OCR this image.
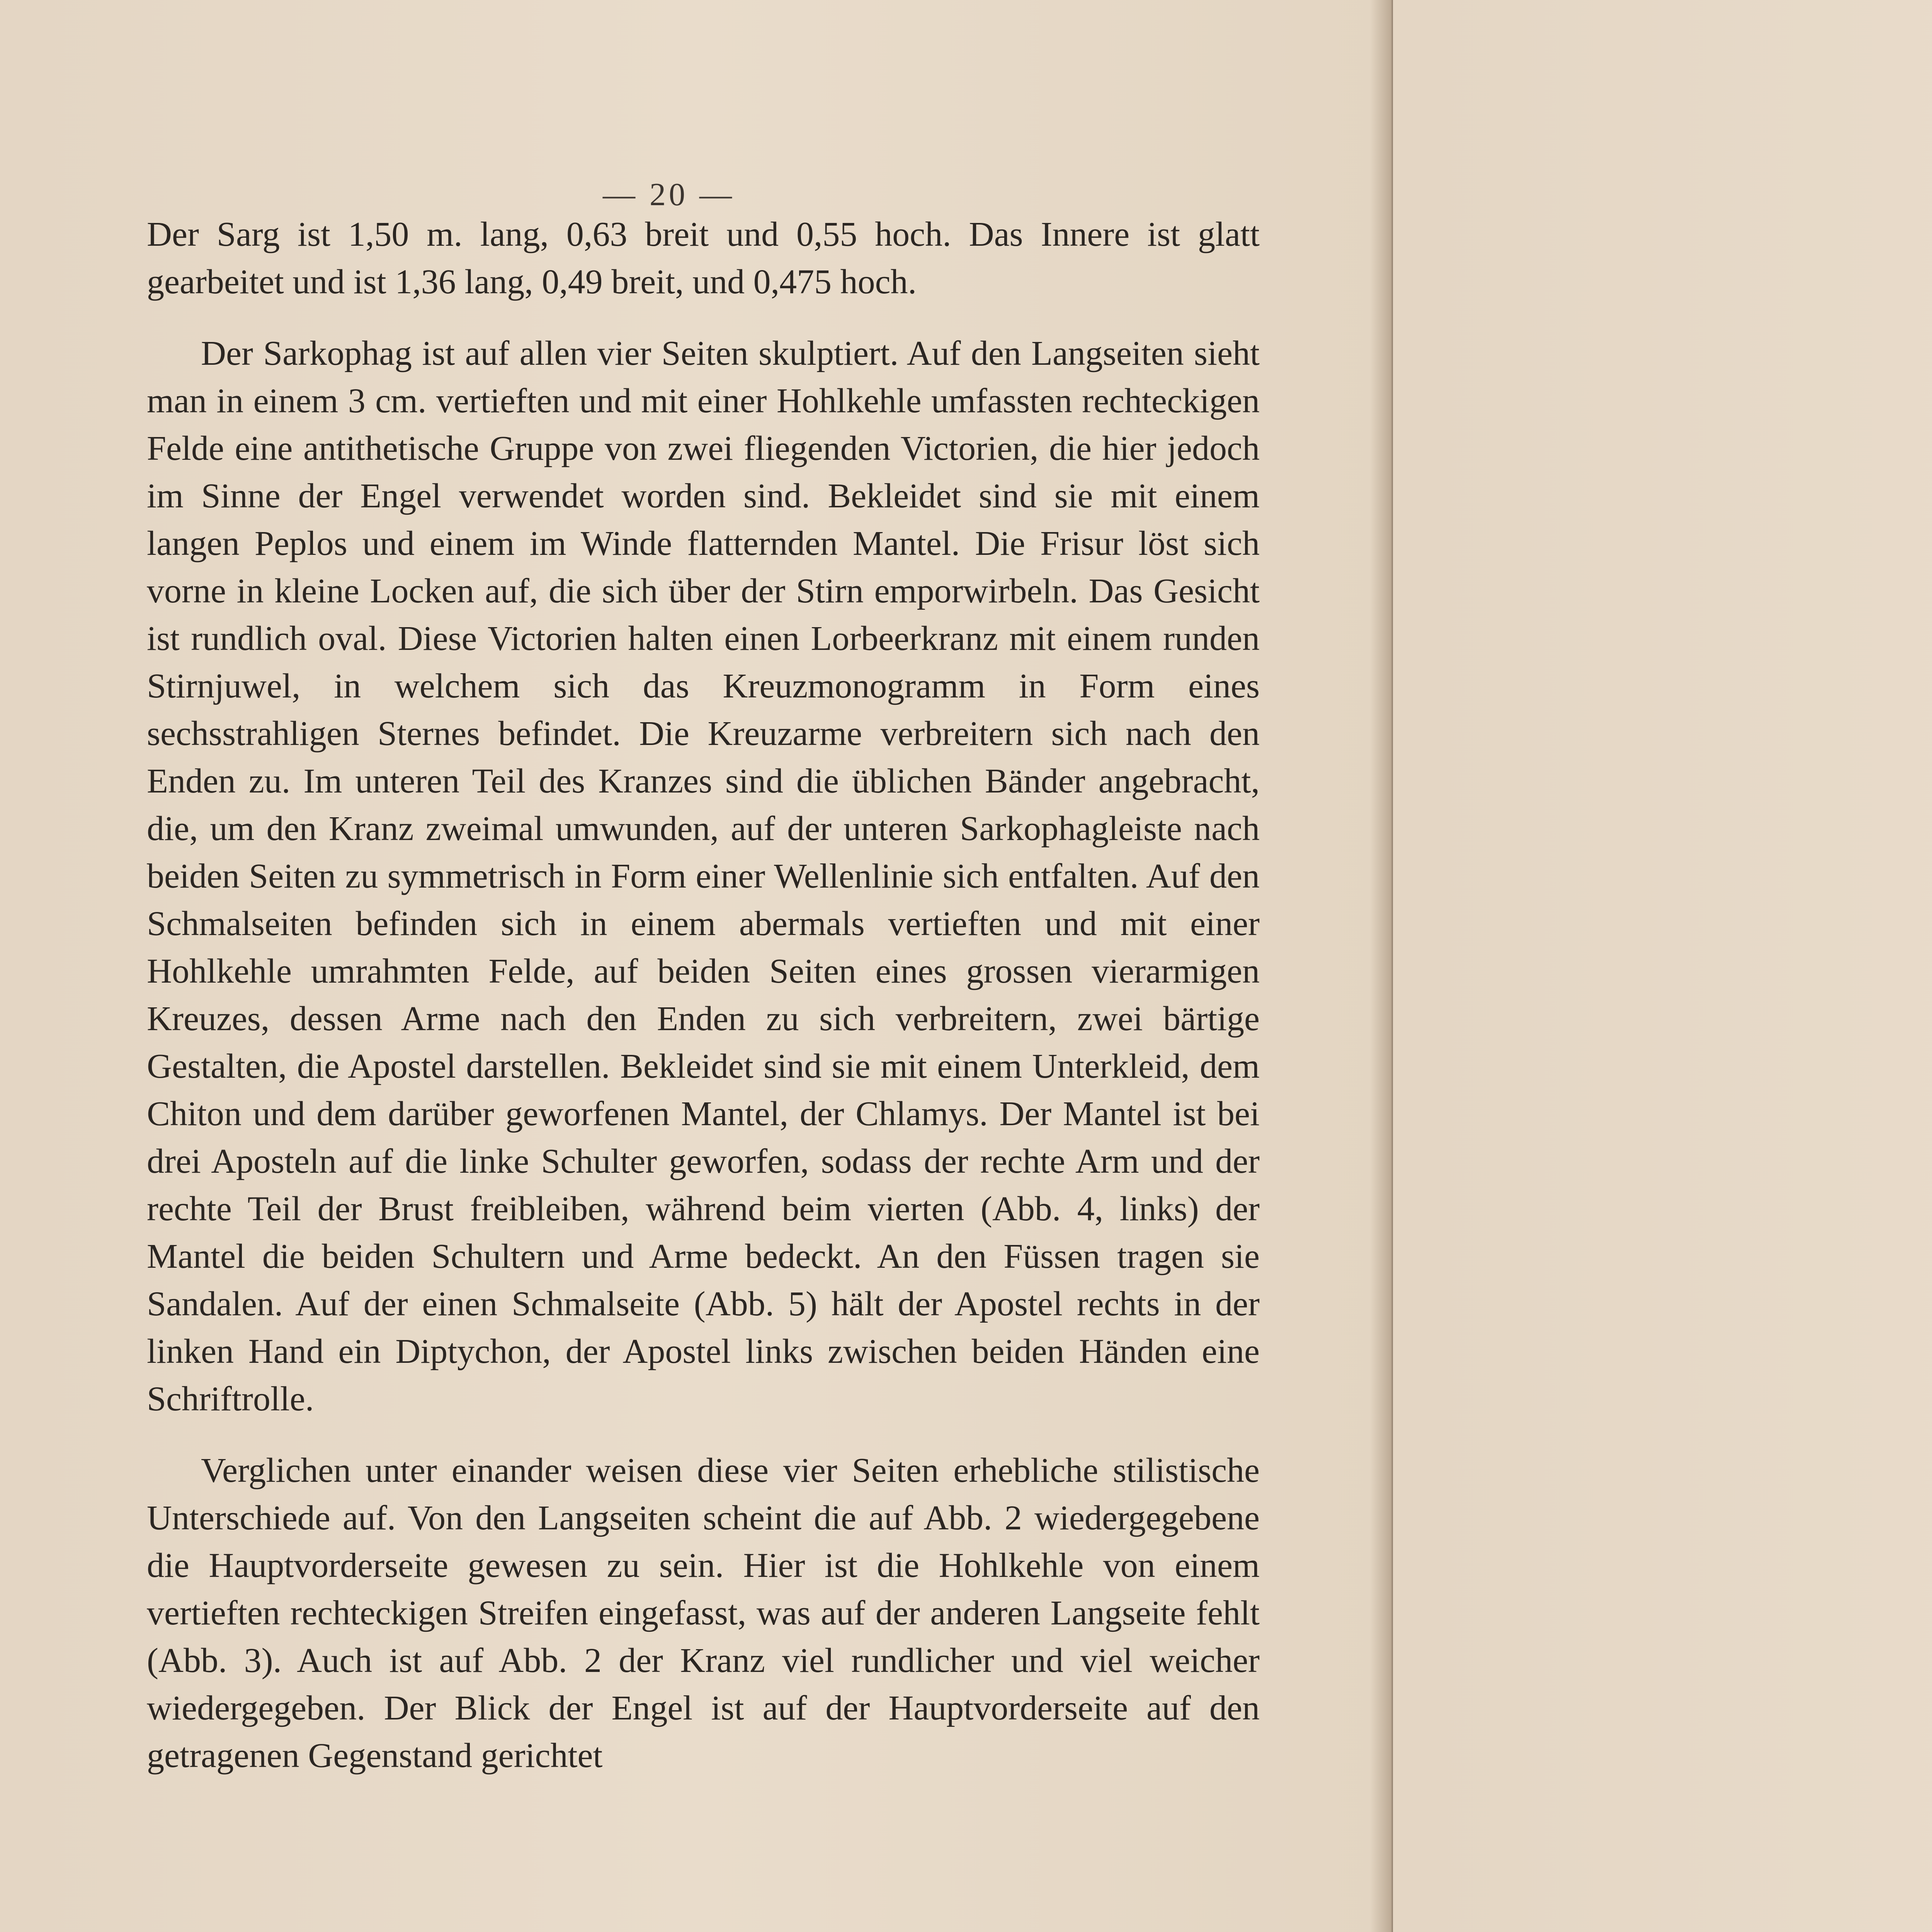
— 20 —

Der Sarg ist 1,50 m. lang, 0,63 breit und 0,55 hoch. Das Innere ist glatt gearbeitet und ist 1,36 lang, 0,49 breit, und 0,475 hoch.

Der Sarkophag ist auf allen vier Seiten skulptiert. Auf den Langseiten sieht man in einem 3 cm. vertieften und mit einer Hohlkehle umfassten rechteckigen Felde eine antithetische Gruppe von zwei fliegenden Victorien, die hier jedoch im Sinne der Engel verwendet worden sind. Bekleidet sind sie mit einem langen Peplos und einem im Winde flatternden Mantel. Die Frisur löst sich vorne in kleine Locken auf, die sich über der Stirn emporwirbeln. Das Gesicht ist rundlich oval. Diese Victorien halten einen Lorbeerkranz mit einem runden Stirnjuwel, in welchem sich das Kreuzmonogramm in Form eines sechsstrahligen Sternes befindet. Die Kreuzarme verbreitern sich nach den Enden zu. Im unteren Teil des Kranzes sind die üblichen Bänder angebracht, die, um den Kranz zweimal umwunden, auf der unteren Sarkophagleiste nach beiden Seiten zu symmetrisch in Form einer Wellenlinie sich entfalten. Auf den Schmalseiten befinden sich in einem abermals vertieften und mit einer Hohlkehle umrahmten Felde, auf beiden Seiten eines grossen vierarmigen Kreuzes, dessen Arme nach den Enden zu sich verbreitern, zwei bärtige Gestalten, die Apostel darstellen. Bekleidet sind sie mit einem Unterkleid, dem Chiton und dem darüber geworfenen Mantel, der Chlamys. Der Mantel ist bei drei Aposteln auf die linke Schulter geworfen, sodass der rechte Arm und der rechte Teil der Brust freibleiben, während beim vierten (Abb. 4, links) der Mantel die beiden Schultern und Arme bedeckt. An den Füssen tragen sie Sandalen. Auf der einen Schmalseite (Abb. 5) hält der Apostel rechts in der linken Hand ein Diptychon, der Apostel links zwischen beiden Händen eine Schriftrolle.

Verglichen unter einander weisen diese vier Seiten erhebliche stilistische Unterschiede auf. Von den Langseiten scheint die auf Abb. 2 wiedergegebene die Hauptvorderseite gewesen zu sein. Hier ist die Hohlkehle von einem vertieften rechteckigen Streifen eingefasst, was auf der anderen Langseite fehlt (Abb. 3). Auch ist auf Abb. 2 der Kranz viel rundlicher und viel weicher wiedergegeben. Der Blick der Engel ist auf der Hauptvorderseite auf den getragenen Gegenstand gerichtet
